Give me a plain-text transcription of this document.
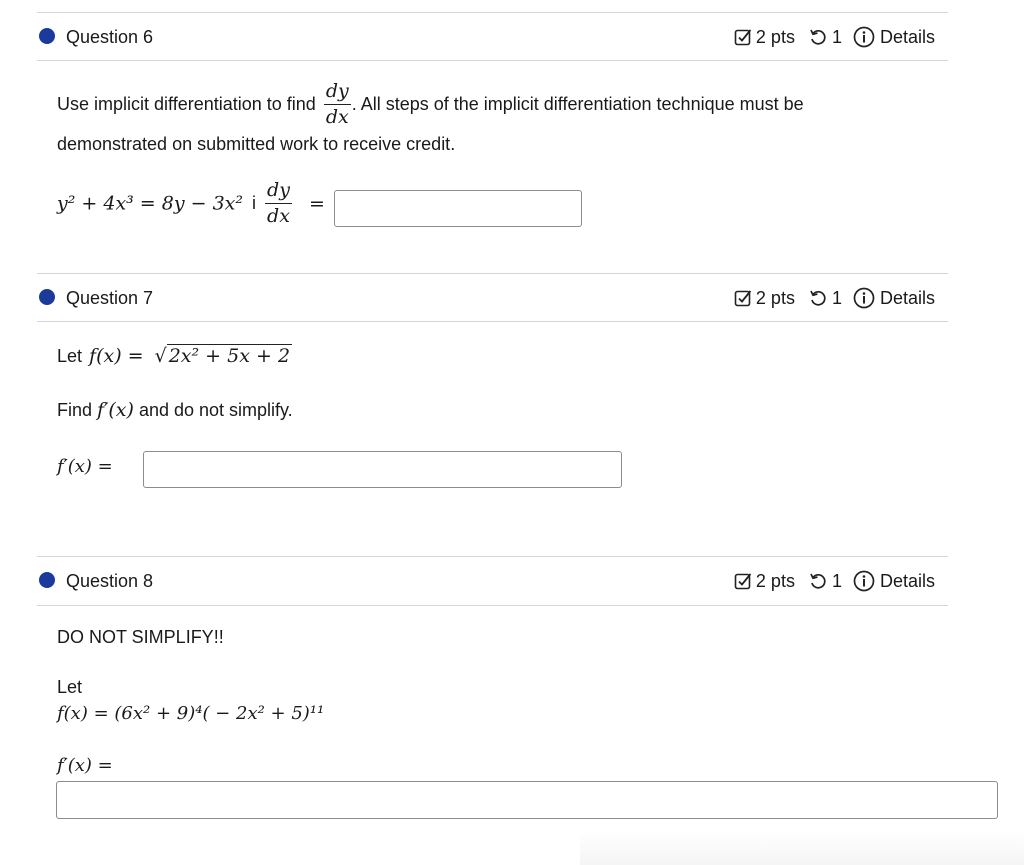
Question 6	2 pts 1 Details
Use implicit differentiation to find $\frac{dy}{dx}$ . All steps of the implicit differentiation technique must be
demonstrated on submitted work to receive credit.
y² + 4x³ = 8y − 3x² i $\frac{dy}{dx}$ =
Question 7	2 pts 1 Details
Let f(x) = √ 2x² + 5x + 2
Find f′(x) and do not simplify.
f′(x) =
Question 8	2 pts 1 Details
DO NOT SIMPLIFY!!
Let
f(x) = (6x² + 9)⁴( − 2x² + 5)¹¹
f′(x) =
